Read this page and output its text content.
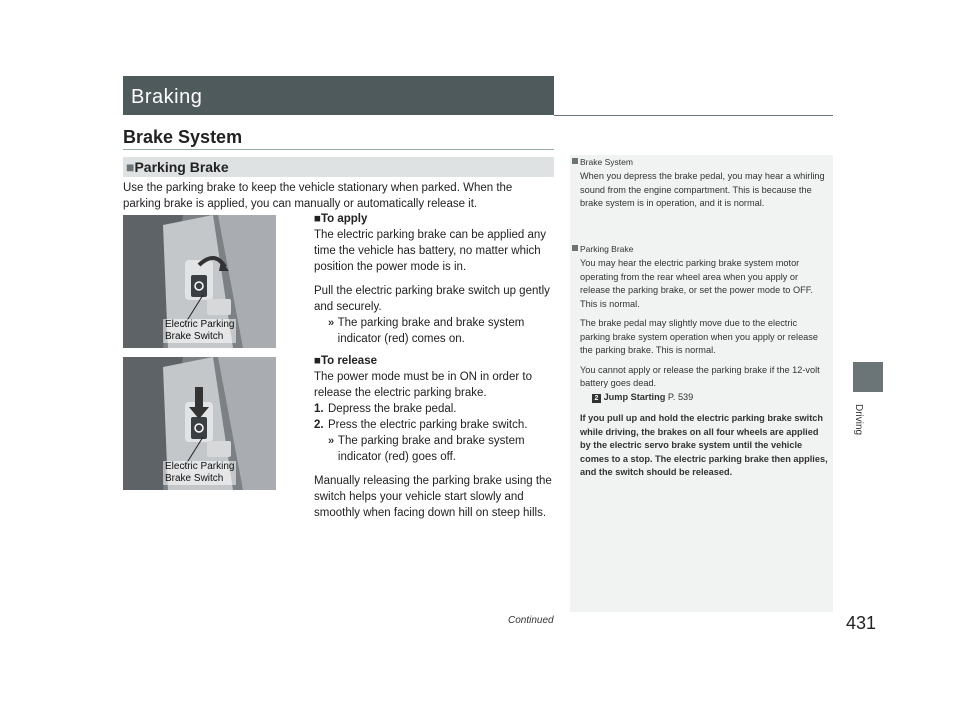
Braking
Brake System
■Parking Brake
Use the parking brake to keep the vehicle stationary when parked. When the parking brake is applied, you can manually or automatically release it.
Electric Parking
Brake Switch
■To apply
The electric parking brake can be applied any time the vehicle has battery, no matter which position the power mode is in.
Pull the electric parking brake switch up gently and securely.
» The parking brake and brake system indicator (red) comes on.
Electric Parking
Brake Switch
■To release
The power mode must be in ON in order to release the electric parking brake.
1. Depress the brake pedal.
2. Press the electric parking brake switch.
» The parking brake and brake system indicator (red) goes off.
Manually releasing the parking brake using the switch helps your vehicle start slowly and smoothly when facing down hill on steep hills.
Brake System
When you depress the brake pedal, you may hear a whirling sound from the engine compartment. This is because the brake system is in operation, and it is normal.
Parking Brake
You may hear the electric parking brake system motor operating from the rear wheel area when you apply or release the parking brake, or set the power mode to OFF. This is normal.
The brake pedal may slightly move due to the electric parking brake system operation when you apply or release the parking brake. This is normal.
You cannot apply or release the parking brake if the 12-volt battery goes dead.
2 Jump Starting P. 539
If you pull up and hold the electric parking brake switch while driving, the brakes on all four wheels are applied by the electric servo brake system until the vehicle comes to a stop. The electric parking brake then applies, and the switch should be released.
Driving
Continued	431
